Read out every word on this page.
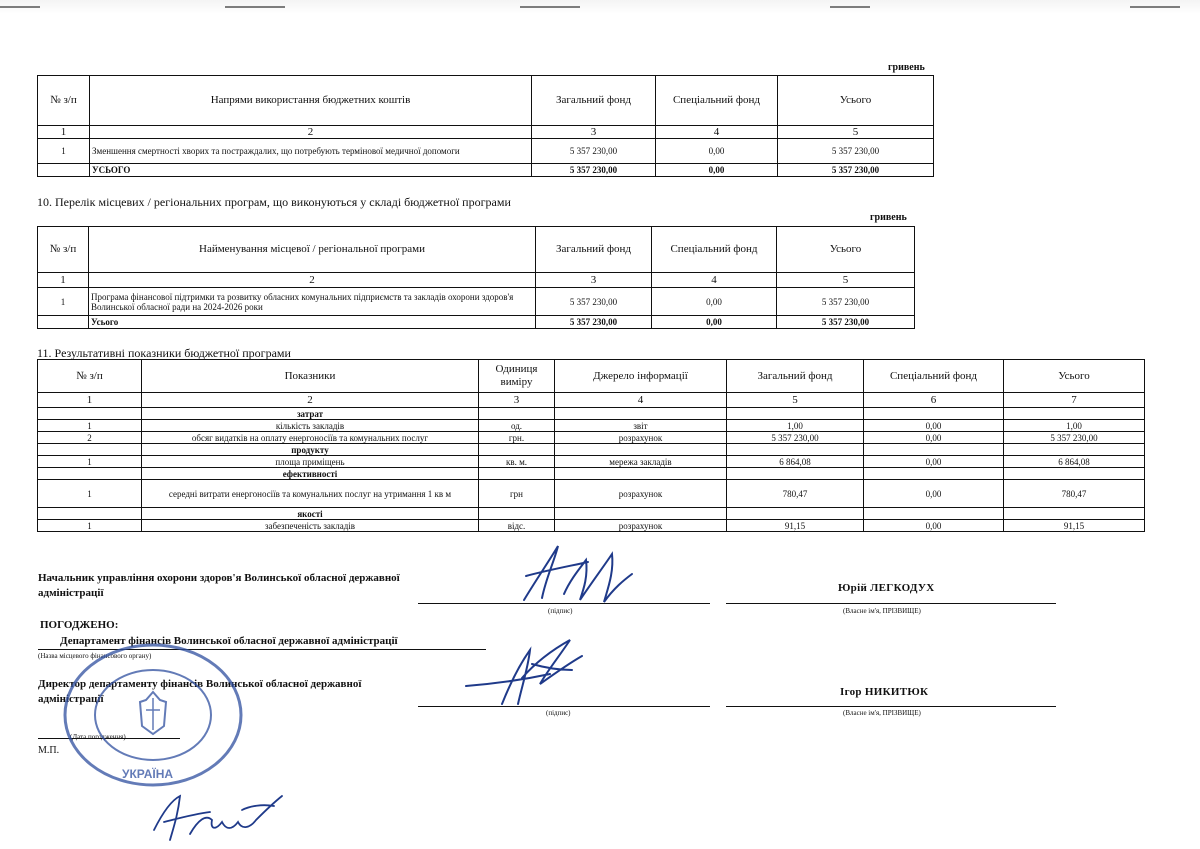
гривень
№ з/п	Напрями використання бюджетних коштів	Загальний фонд	Спеціальний фонд	Усього
1	2	3	4	5
1	Зменшення смертності хворих та постраждалих, що потребують термінової медичної допомоги	5 357 230,00	0,00	5 357 230,00
	УСЬОГО	5 357 230,00	0,00	5 357 230,00
10. Перелік місцевих / регіональних програм, що виконуються у складі бюджетної програми
гривень
№ з/п	Найменування місцевої / регіональної програми	Загальний фонд	Спеціальний фонд	Усього
1	2	3	4	5
1	Програма фінансової підтримки та розвитку обласних комунальних підприємств та закладів охорони здоров'я Волинської обласної ради на 2024-2026 роки	5 357 230,00	0,00	5 357 230,00
	Усього	5 357 230,00	0,00	5 357 230,00
11. Результативні показники бюджетної програми
№ з/п	Показники	Одиниця виміру	Джерело інформації	Загальний фонд	Спеціальний фонд	Усього
1	2	3	4	5	6	7
	затрат					
1	кількість закладів	од.	звіт	1,00	0,00	1,00
2	обсяг видатків на оплату енергоносіїв та комунальних послуг	грн.	розрахунок	5 357 230,00	0,00	5 357 230,00
	продукту					
1	площа приміщень	кв. м.	мережа закладів	6 864,08	0,00	6 864,08
	ефективності					
1	середні витрати енергоносіїв та комунальних послуг на утримання 1 кв м	грн	розрахунок	780,47	0,00	780,47
	якості					
1	забезпеченість закладів	відс.	розрахунок	91,15	0,00	91,15
Начальник управління охорони здоров'я Волинської обласної державної адміністрації
(підпис)
Юрій ЛЕГКОДУХ
(Власне ім'я, ПРІЗВИЩЕ)
ПОГОДЖЕНО:
Департамент фінансів Волинської обласної державної адміністрації
(Назва місцевого фінансового органу)
Директор департаменту фінансів Волинської обласної державної адміністрації
(підпис)
Ігор НИКИТЮК
(Власне ім'я, ПРІЗВИЩЕ)
(Дата погодження)
М.П.
УКРАЇНА
